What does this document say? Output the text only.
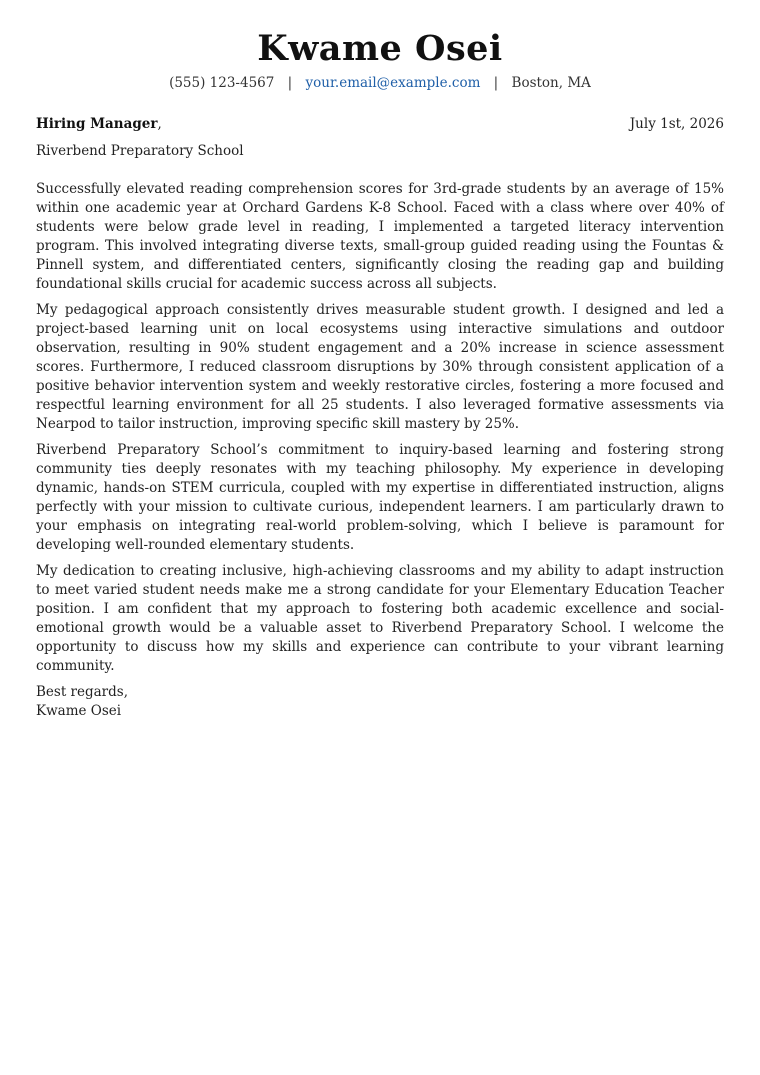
Kwame Osei
(555) 123-4567 | your.email@example.com | Boston, MA
Hiring Manager,	July 1st, 2026
Riverbend Preparatory School

Successfully elevated reading comprehension scores for 3rd-grade students by an average of 15% within one academic year at Orchard Gardens K-8 School. Faced with a class where over 40% of students were below grade level in reading, I implemented a targeted literacy intervention program. This involved integrating diverse texts, small-group guided reading using the Fountas & Pinnell system, and differentiated centers, significantly closing the reading gap and building foundational skills crucial for academic success across all subjects.

My pedagogical approach consistently drives measurable student growth. I designed and led a project-based learning unit on local ecosystems using interactive simulations and outdoor observation, resulting in 90% student engagement and a 20% increase in science assessment scores. Furthermore, I reduced classroom disruptions by 30% through consistent application of a positive behavior intervention system and weekly restorative circles, fostering a more focused and respectful learning environment for all 25 students. I also leveraged formative assessments via Nearpod to tailor instruction, improving specific skill mastery by 25%.

Riverbend Preparatory School’s commitment to inquiry-based learning and fostering strong community ties deeply resonates with my teaching philosophy. My experience in developing dynamic, hands-on STEM curricula, coupled with my expertise in differentiated instruction, aligns perfectly with your mission to cultivate curious, independent learners. I am particularly drawn to your emphasis on integrating real-world problem-solving, which I believe is paramount for developing well-rounded elementary students.

My dedication to creating inclusive, high-achieving classrooms and my ability to adapt instruction to meet varied student needs make me a strong candidate for your Elementary Education Teacher position. I am confident that my approach to fostering both academic excellence and social-emotional growth would be a valuable asset to Riverbend Preparatory School. I welcome the opportunity to discuss how my skills and experience can contribute to your vibrant learning community.

Best regards,
Kwame Osei
